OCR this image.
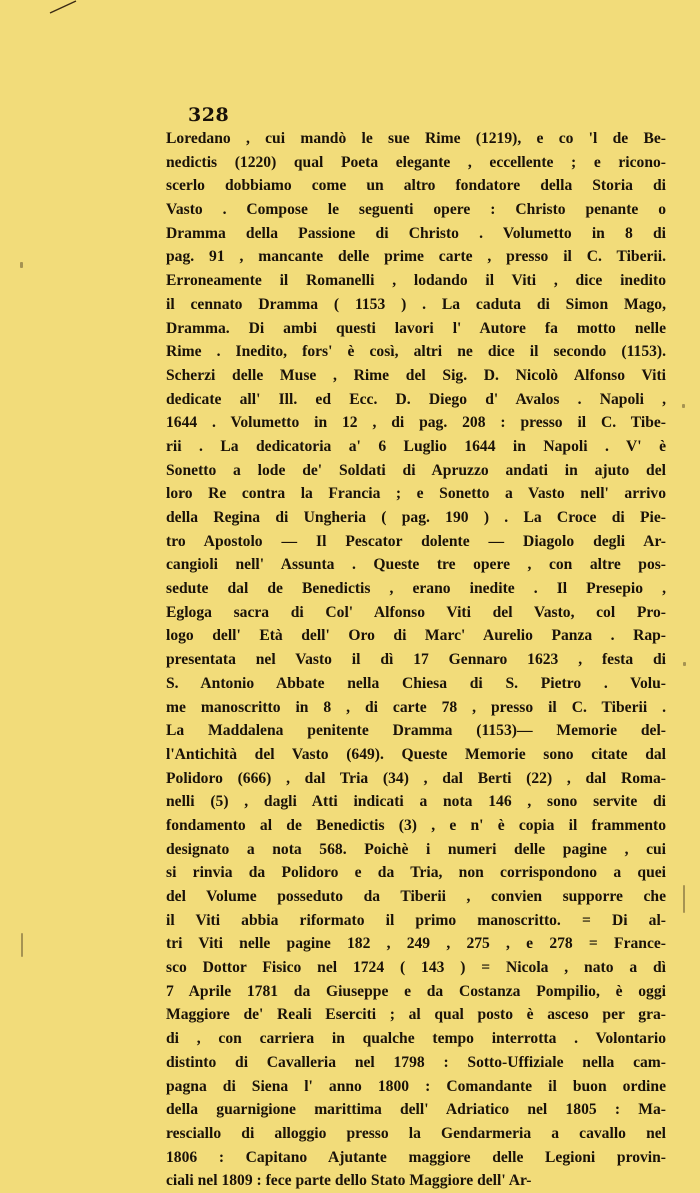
328
Loredano , cui mandò le sue Rime (1219), e co 'l de Be-
nedictis (1220) qual Poeta elegante , eccellente ; e ricono-
scerlo dobbiamo come un altro fondatore della Storia di
Vasto . Compose le seguenti opere : Christo penante o
Dramma della Passione di Christo . Volumetto in 8 di
pag. 91 , mancante delle prime carte , presso il C. Tiberii.
Erroneamente il Romanelli , lodando il Viti , dice inedito
il cennato Dramma ( 1153 ) . La caduta di Simon Mago,
Dramma. Di ambi questi lavori l' Autore fa motto nelle
Rime . Inedito, fors' è così, altri ne dice il secondo (1153).
Scherzi delle Muse , Rime del Sig. D. Nicolò Alfonso Viti
dedicate all' Ill. ed Ecc. D. Diego d' Avalos . Napoli ,
1644 . Volumetto in 12 , di pag. 208 : presso il C. Tibe-
rii . La dedicatoria a' 6 Luglio 1644 in Napoli . V' è
Sonetto a lode de' Soldati di Apruzzo andati in ajuto del
loro Re contra la Francia ; e Sonetto a Vasto nell' arrivo
della Regina di Ungheria ( pag. 190 ) . La Croce di Pie-
tro Apostolo — Il Pescator dolente — Diagolo degli Ar-
cangioli nell' Assunta . Queste tre opere , con altre pos-
sedute dal de Benedictis , erano inedite . Il Presepio ,
Egloga sacra di Col' Alfonso Viti del Vasto, col Pro-
logo dell' Età dell' Oro di Marc' Aurelio Panza . Rap-
presentata nel Vasto il dì 17 Gennaro 1623 , festa di
S. Antonio Abbate nella Chiesa di S. Pietro . Volu-
me manoscritto in 8 , di carte 78 , presso il C. Tiberii .
La Maddalena penitente Dramma (1153)— Memorie del-
l'Antichità del Vasto (649). Queste Memorie sono citate dal
Polidoro (666) , dal Tria (34) , dal Berti (22) , dal Roma-
nelli (5) , dagli Atti indicati a nota 146 , sono servite di
fondamento al de Benedictis (3) , e n' è copia il frammento
designato a nota 568. Poichè i numeri delle pagine , cui
si rinvia da Polidoro e da Tria, non corrispondono a quei
del Volume posseduto da Tiberii , convien supporre che
il Viti abbia riformato il primo manoscritto. = Di al-
tri Viti nelle pagine 182 , 249 , 275 , e 278 = France-
sco Dottor Fisico nel 1724 ( 143 ) = Nicola , nato a dì
7 Aprile 1781 da Giuseppe e da Costanza Pompilio, è oggi
Maggiore de' Reali Eserciti ; al qual posto è asceso per gra-
di , con carriera in qualche tempo interrotta . Volontario
distinto di Cavalleria nel 1798 : Sotto-Uffiziale nella cam-
pagna di Siena l' anno 1800 : Comandante il buon ordine
della guarnigione marittima dell' Adriatico nel 1805 : Ma-
resciallo di alloggio presso la Gendarmeria a cavallo nel
1806 : Capitano Ajutante maggiore delle Legioni provin-
ciali nel 1809 : fece parte dello Stato Maggiore dell' Ar-
